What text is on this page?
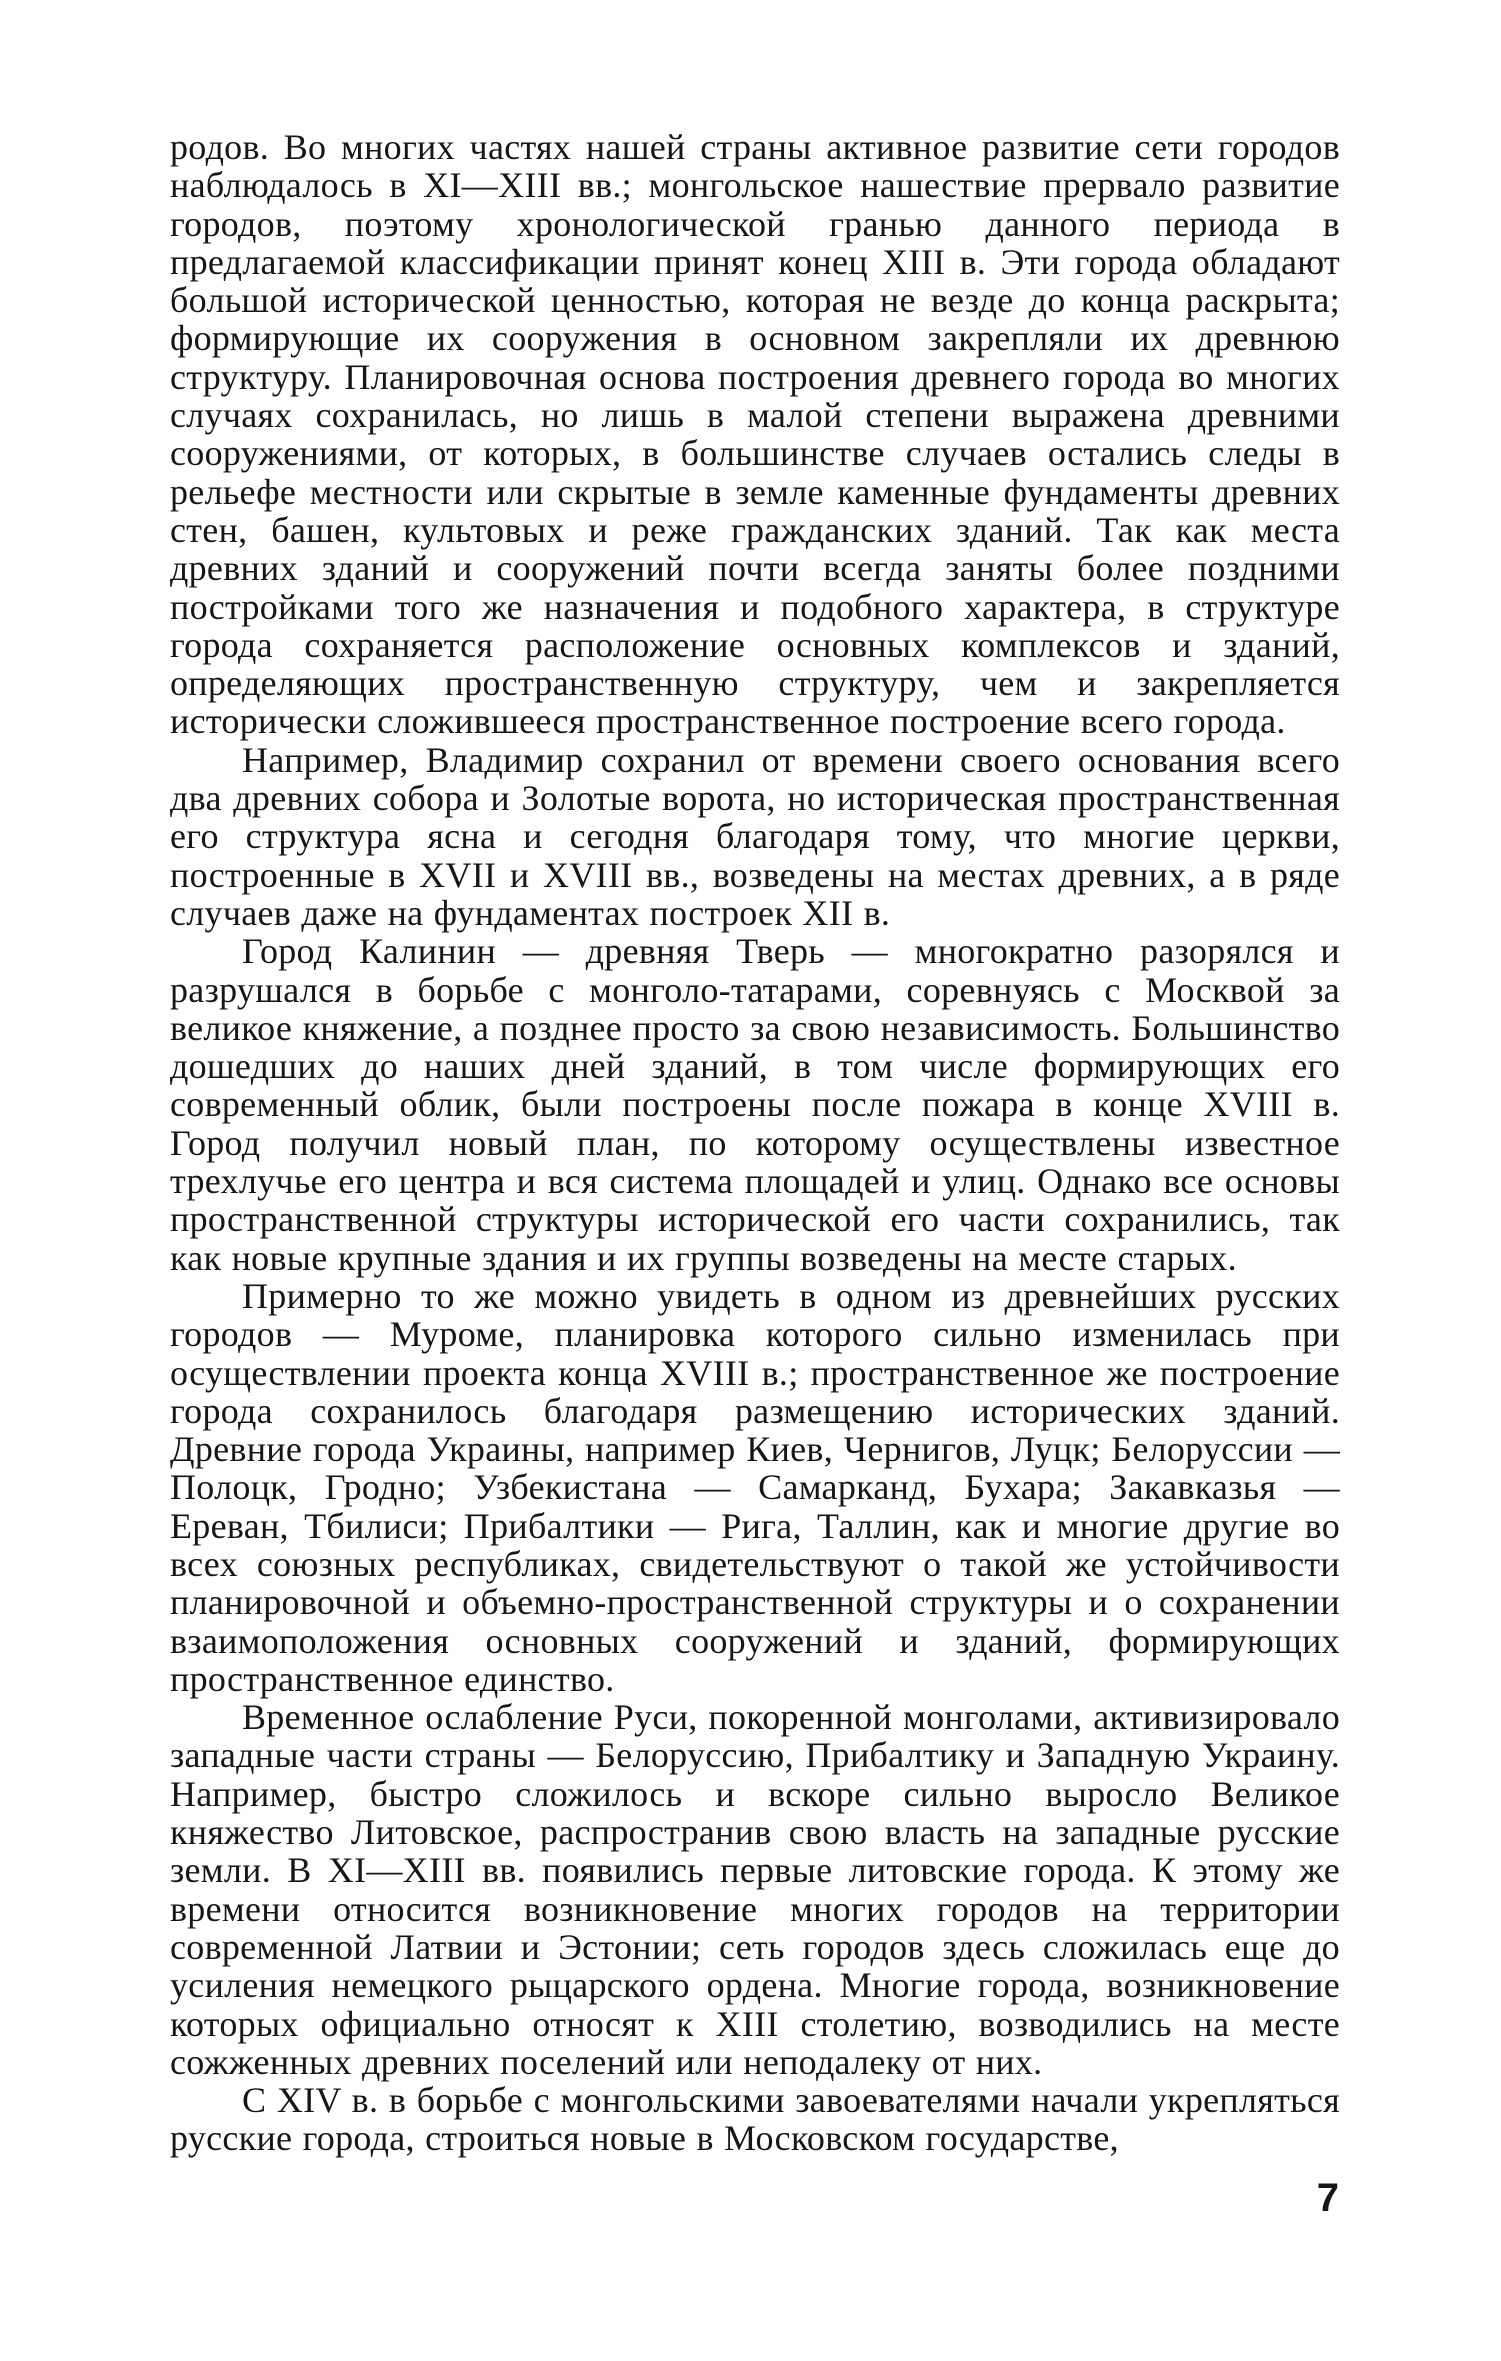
родов. Во многих частях нашей страны активное развитие сети городов наблюдалось в XI—XIII вв.; монгольское нашествие прервало развитие городов, поэтому хронологической гранью данного периода в предлагаемой классификации принят конец XIII в. Эти города обладают большой исторической ценностью, которая не везде до конца раскрыта; формирующие их сооружения в основном закрепляли их древнюю структуру. Планировочная основа построения древнего города во многих случаях сохранилась, но лишь в малой степени выражена древними сооружениями, от которых, в большинстве случаев остались следы в рельефе местности или скрытые в земле каменные фундаменты древних стен, башен, культовых и реже гражданских зданий. Так как места древних зданий и сооружений почти всегда заняты более поздними постройками того же назначения и подобного характера, в структуре города сохраняется расположение основных комплексов и зданий, определяющих пространственную структуру, чем и закрепляется исторически сложившееся пространственное построение всего города.

Например, Владимир сохранил от времени своего основания всего два древних собора и Золотые ворота, но историческая пространственная его структура ясна и сегодня благодаря тому, что многие церкви, построенные в XVII и XVIII вв., возведены на местах древних, а в ряде случаев даже на фундаментах построек XII в.

Город Калинин — древняя Тверь — многократно разорялся и разрушался в борьбе с монголо-татарами, соревнуясь с Москвой за великое княжение, а позднее просто за свою независимость. Большинство дошедших до наших дней зданий, в том числе формирующих его современный облик, были построены после пожара в конце XVIII в. Город получил новый план, по которому осуществлены известное трехлучье его центра и вся система площадей и улиц. Однако все основы пространственной структуры исторической его части сохранились, так как новые крупные здания и их группы возведены на месте старых.

Примерно то же можно увидеть в одном из древнейших русских городов — Муроме, планировка которого сильно изменилась при осуществлении проекта конца XVIII в.; пространственное же построение города сохранилось благодаря размещению исторических зданий. Древние города Украины, например Киев, Чернигов, Луцк; Белоруссии — Полоцк, Гродно; Узбекистана — Самарканд, Бухара; Закавказья — Ереван, Тбилиси; Прибалтики — Рига, Таллин, как и многие другие во всех союзных республиках, свидетельствуют о такой же устойчивости планировочной и объемно-пространственной структуры и о сохранении взаимоположения основных сооружений и зданий, формирующих пространственное единство.

Временное ослабление Руси, покоренной монголами, активизировало западные части страны — Белоруссию, Прибалтику и Западную Украину. Например, быстро сложилось и вскоре сильно выросло Великое княжество Литовское, распространив свою власть на западные русские земли. В XI—XIII вв. появились первые литовские города. К этому же времени относится возникновение многих городов на территории современной Латвии и Эстонии; сеть городов здесь сложилась еще до усиления немецкого рыцарского ордена. Многие города, возникновение которых официально относят к XIII столетию, возводились на месте сожженных древних поселений или неподалеку от них.

С XIV в. в борьбе с монгольскими завоевателями начали укрепляться русские города, строиться новые в Московском государстве,

7
